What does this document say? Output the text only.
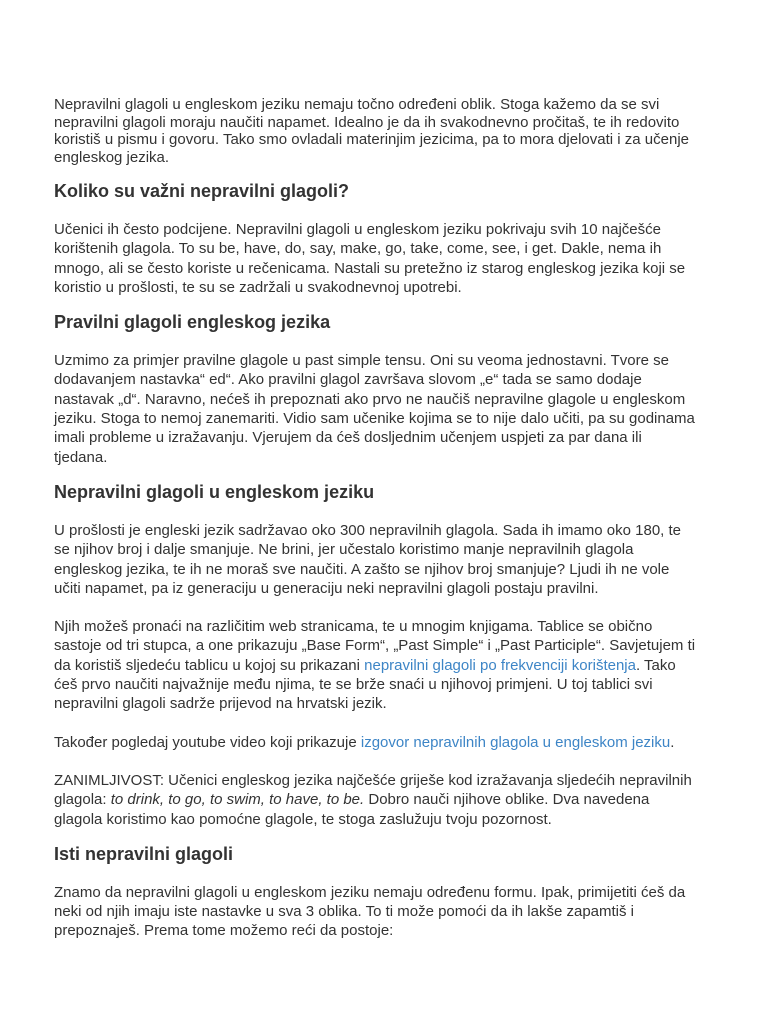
Nepravilni glagoli u engleskom jeziku nemaju točno određeni oblik. Stoga kažemo da se svi nepravilni glagoli moraju naučiti napamet. Idealno je da ih svakodnevno pročitaš, te ih redovito koristiš u pismu i govoru. Tako smo ovladali materinjim jezicima, pa to mora djelovati i za učenje engleskog jezika.

Koliko su važni nepravilni glagoli?

Učenici ih često podcijene. Nepravilni glagoli u engleskom jeziku pokrivaju svih 10 najčešće korištenih glagola. To su be, have, do, say, make, go, take, come, see, i get. Dakle, nema ih mnogo, ali se često koriste u rečenicama. Nastali su pretežno iz starog engleskog jezika koji se koristio u prošlosti, te su se zadržali u svakodnevnoj upotrebi.

Pravilni glagoli engleskog jezika

Uzmimo za primjer pravilne glagole u past simple tensu. Oni su veoma jednostavni. Tvore se dodavanjem nastavka“ ed“. Ako pravilni glagol završava slovom „e“ tada se samo dodaje nastavak „d“. Naravno, nećeš ih prepoznati ako prvo ne naučiš nepravilne glagole u engleskom jeziku. Stoga to nemoj zanemariti. Vidio sam učenike kojima se to nije dalo učiti, pa su godinama imali probleme u izražavanju. Vjerujem da ćeš dosljednim učenjem uspjeti za par dana ili tjedana.

Nepravilni glagoli u engleskom jeziku

U prošlosti je engleski jezik sadržavao oko 300 nepravilnih glagola. Sada ih imamo oko 180, te se njihov broj i dalje smanjuje. Ne brini, jer učestalo koristimo manje nepravilnih glagola engleskog jezika, te ih ne moraš sve naučiti. A zašto se njihov broj smanjuje? Ljudi ih ne vole učiti napamet, pa iz generaciju u generaciju neki nepravilni glagoli postaju pravilni.

Njih možeš pronaći na različitim web stranicama, te u mnogim knjigama. Tablice se obično sastoje od tri stupca, a one prikazuju „Base Form“, „Past Simple“ i „Past Participle“. Savjetujem ti da koristiš sljedeću tablicu u kojoj su prikazani nepravilni glagoli po frekvenciji korištenja. Tako ćeš prvo naučiti najvažnije među njima, te se brže snaći u njihovoj primjeni. U toj tablici svi nepravilni glagoli sadrže prijevod na hrvatski jezik.

Također pogledaj youtube video koji prikazuje izgovor nepravilnih glagola u engleskom jeziku.

ZANIMLJIVOST: Učenici engleskog jezika najčešće griješe kod izražavanja sljedećih nepravilnih glagola: to drink, to go, to swim, to have, to be. Dobro nauči njihove oblike. Dva navedena glagola koristimo kao pomoćne glagole, te stoga zaslužuju tvoju pozornost.

Isti nepravilni glagoli

Znamo da nepravilni glagoli u engleskom jeziku nemaju određenu formu. Ipak, primijetiti ćeš da neki od njih imaju iste nastavke u sva 3 oblika. To ti može pomoći da ih lakše zapamtiš i prepoznaješ. Prema tome možemo reći da postoje:
